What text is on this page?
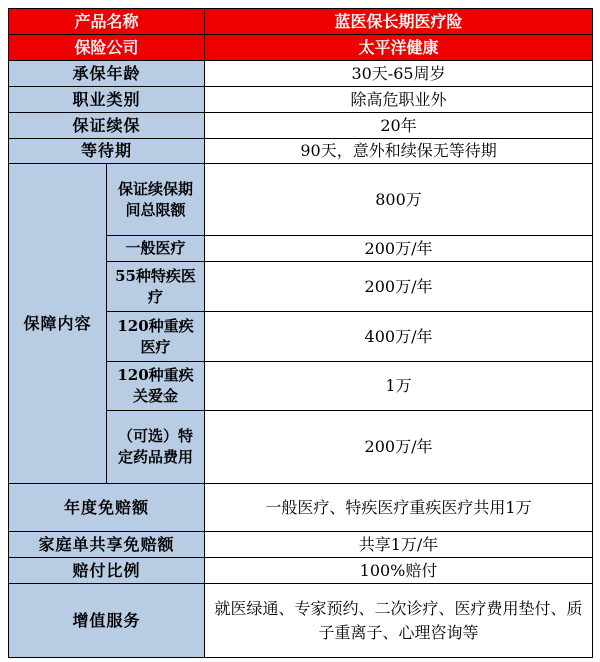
产品名称		蓝医保长期医疗险
保险公司		太平洋健康
承保年龄		30天-65周岁
职业类别		除高危职业外
保证续保		20年
等待期		90天，意外和续保无等待期
保障内容	保证续保期间总限额	800万
	一般医疗	200万/年
	55种特疾医疗	200万/年
	120种重疾医疗	400万/年
	120种重疾关爱金	1万
	（可选）特定药品费用	200万/年
年度免赔额		一般医疗、特疾医疗重疾医疗共用1万
家庭单共享免赔额		共享1万/年
赔付比例		100%赔付
增值服务		就医绿通、专家预约、二次诊疗、医疗费用垫付、质子重离子、心理咨询等
